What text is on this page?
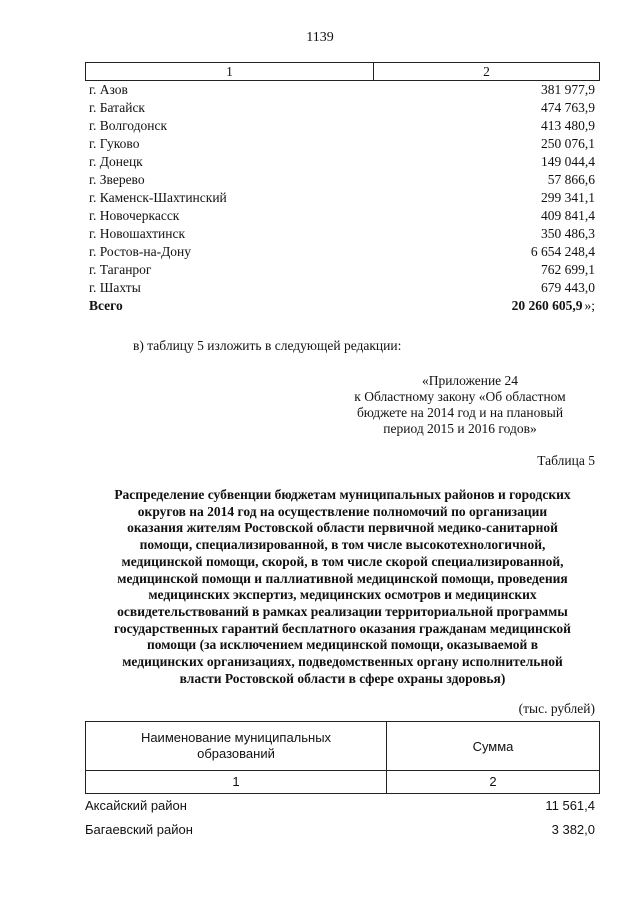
1139
1	2
г. Азов	381 977,9
г. Батайск	474 763,9
г. Волгодонск	413 480,9
г. Гуково	250 076,1
г. Донецк	149 044,4
г. Зверево	57 866,6
г. Каменск-Шахтинский	299 341,1
г. Новочеркасск	409 841,4
г. Новошахтинск	350 486,3
г. Ростов-на-Дону	6 654 248,4
г. Таганрог	762 699,1
г. Шахты	679 443,0
Всего	20 260 605,9 »;
в) таблицу 5 изложить в следующей редакции:
«Приложение 24
к Областному закону «Об областном
бюджете на 2014 год и на плановый
период 2015 и 2016 годов»
Таблица 5
Распределение субвенции бюджетам муниципальных районов и городских
округов на 2014 год на осуществление полномочий по организации
оказания жителям Ростовской области первичной медико-санитарной
помощи, специализированной, в том числе высокотехнологичной,
медицинской помощи, скорой, в том числе скорой специализированной,
медицинской помощи и паллиативной медицинской помощи, проведения
медицинских экспертиз, медицинских осмотров и медицинских
освидетельствований в рамках реализации территориальной программы
государственных гарантий бесплатного оказания гражданам медицинской
помощи (за исключением медицинской помощи, оказываемой в
медицинских организациях, подведомственных органу исполнительной
власти Ростовской области в сфере охраны здоровья)
(тыс. рублей)
Наименование муниципальных
образований	Сумма
1	2
Аксайский район	11 561,4
Багаевский район	3 382,0
